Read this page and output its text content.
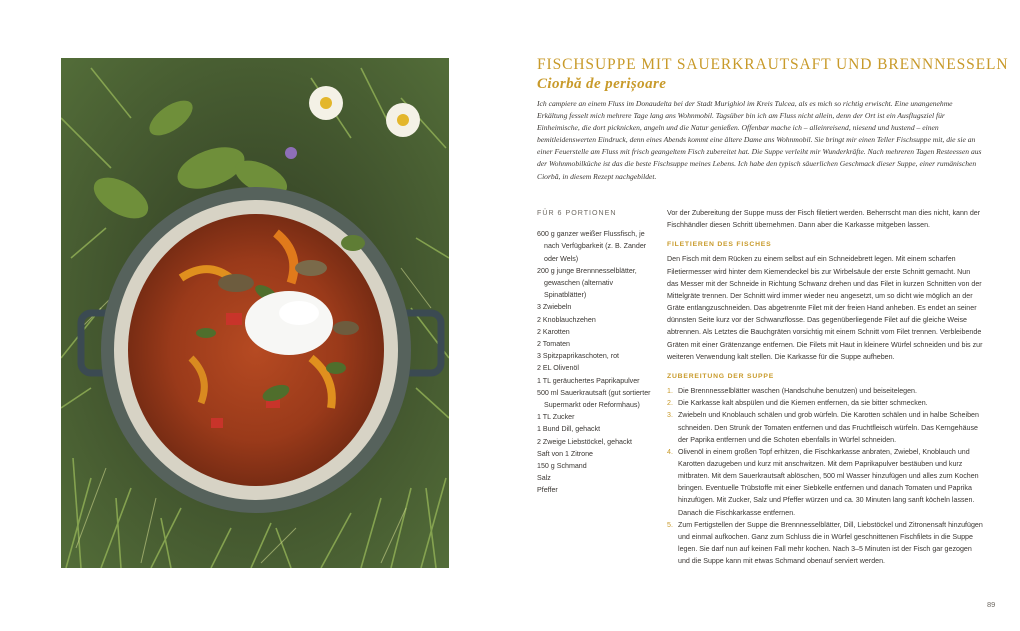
FISCHSUPPE MIT SAUERKRAUTSAFT UND BRENNNESSELN
Ciorbă de perișoare

Ich campiere an einem Fluss im Donaudelta bei der Stadt Murighiol im Kreis Tulcea, als es mich so richtig erwischt. Eine unangenehme Erkältung fesselt mich mehrere Tage lang ans Wohnmobil. Tagsüber bin ich am Fluss nicht allein, denn der Ort ist ein Ausflugsziel für Einheimische, die dort picknicken, angeln und die Natur genießen. Offenbar mache ich – alleinreisend, niesend und hustend – einen bemitleidenswerten Eindruck, denn eines Abends kommt eine ältere Dame ans Wohnmobil. Sie bringt mir einen Teller Fischsuppe mit, die sie an einer Feuerstelle am Fluss mit frisch geangeltem Fisch zubereitet hat. Die Suppe verleiht mir Wunderkräfte. Nach mehreren Tagen Resteessen aus der Wohnmobilküche ist das die beste Fischsuppe meines Lebens. Ich habe den typisch säuerlichen Geschmack dieser Suppe, einer rumänischen Ciorbă, in diesem Rezept nachgebildet.

FÜR 6 PORTIONEN
600 g ganzer weißer Flussfisch, je nach Verfügbarkeit (z. B. Zander oder Wels)
200 g junge Brennnesselblätter, gewaschen (alternativ Spinatblätter)
3 Zwiebeln
2 Knoblauchzehen
2 Karotten
2 Tomaten
3 Spitzpaprikaschoten, rot
2 EL Olivenöl
1 TL geräuchertes Paprikapulver
500 ml Sauerkrautsaft (gut sortierter Supermarkt oder Reformhaus)
1 TL Zucker
1 Bund Dill, gehackt
2 Zweige Liebstöckel, gehackt
Saft von 1 Zitrone
150 g Schmand
Salz
Pfeffer

Vor der Zubereitung der Suppe muss der Fisch filetiert werden. Beherrscht man dies nicht, kann der Fischhändler diesen Schritt übernehmen. Dann aber die Karkasse mitgeben lassen.

FILETIEREN DES FISCHES

Den Fisch mit dem Rücken zu einem selbst auf ein Schneidebrett legen. Mit einem scharfen Filetiermesser wird hinter dem Kiemendeckel bis zur Wirbelsäule der erste Schnitt gemacht. Nun das Messer mit der Schneide in Richtung Schwanz drehen und das Filet in kurzen Schnitten von der Mittelgräte trennen. Der Schnitt wird immer wieder neu angesetzt, um so dicht wie möglich an der Gräte entlangzuschneiden. Das abgetrennte Filet mit der freien Hand anheben. Es endet an seiner dünnsten Seite kurz vor der Schwanzflosse. Das gegenüberliegende Filet auf die gleiche Weise abtrennen. Als Letztes die Bauchgräten vorsichtig mit einem Schnitt vom Filet trennen. Verbleibende Gräten mit einer Grätenzange entfernen. Die Filets mit Haut in kleinere Würfel schneiden und bis zur weiteren Verwendung kalt stellen. Die Karkasse für die Suppe aufheben.

ZUBEREITUNG DER SUPPE
1. Die Brennnesselblätter waschen (Handschuhe benutzen) und beiseitelegen.
2. Die Karkasse kalt abspülen und die Kiemen entfernen, da sie bitter schmecken.
3. Zwiebeln und Knoblauch schälen und grob würfeln. Die Karotten schälen und in halbe Scheiben schneiden. Den Strunk der Tomaten entfernen und das Fruchtfleisch würfeln. Das Kerngehäuse der Paprika entfernen und die Schoten ebenfalls in Würfel schneiden.
4. Olivenöl in einem großen Topf erhitzen, die Fischkarkasse anbraten, Zwiebel, Knoblauch und Karotten dazugeben und kurz mit anschwitzen. Mit dem Paprikapulver bestäuben und kurz mitbraten. Mit dem Sauerkrautsaft ablöschen, 500 ml Wasser hinzufügen und alles zum Kochen bringen. Eventuelle Trübstoffe mit einer Siebkelle entfernen und danach Tomaten und Paprika hinzufügen. Mit Zucker, Salz und Pfeffer würzen und ca. 30 Minuten lang sanft köcheln lassen. Danach die Fischkarkasse entfernen.
5. Zum Fertigstellen der Suppe die Brennnesselblätter, Dill, Liebstöckel und Zitronensaft hinzufügen und einmal aufkochen. Ganz zum Schluss die in Würfel geschnittenen Fischfilets in die Suppe legen. Sie darf nun auf keinen Fall mehr kochen. Nach 3–5 Minuten ist der Fisch gar gezogen und die Suppe kann mit etwas Schmand obenauf serviert werden.
89
